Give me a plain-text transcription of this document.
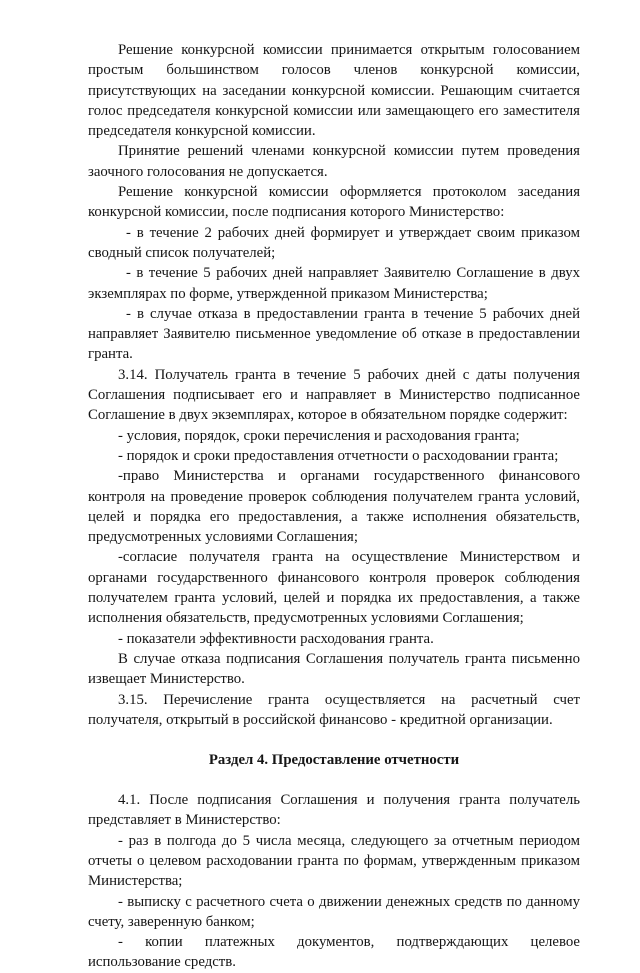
Решение конкурсной комиссии принимается открытым голосованием простым большинством голосов членов конкурсной комиссии, присутствующих на заседании конкурсной комиссии. Решающим считается голос председателя конкурсной комиссии или замещающего его заместителя председателя конкурсной комиссии.

Принятие решений членами конкурсной комиссии путем проведения заочного голосования не допускается.

Решение конкурсной комиссии оформляется протоколом заседания конкурсной комиссии, после подписания которого Министерство:

- в течение 2 рабочих дней формирует и утверждает своим приказом сводный список получателей;

- в течение 5 рабочих дней направляет Заявителю Соглашение в двух экземплярах по форме, утвержденной приказом Министерства;

- в случае отказа в предоставлении гранта в течение 5 рабочих дней направляет Заявителю письменное уведомление об отказе в предоставлении гранта.

3.14. Получатель гранта в течение 5 рабочих дней с даты получения Соглашения подписывает его и направляет в Министерство подписанное Соглашение в двух экземплярах, которое в обязательном порядке содержит:

- условия, порядок, сроки перечисления и расходования гранта;

- порядок и сроки предоставления отчетности о расходовании гранта;

-право Министерства и органами государственного финансового контроля на проведение проверок соблюдения получателем гранта условий, целей и порядка его предоставления, а также исполнения обязательств, предусмотренных условиями Соглашения;

-согласие получателя гранта на осуществление Министерством и органами государственного финансового контроля проверок соблюдения получателем гранта условий, целей и порядка их предоставления, а также исполнения обязательств, предусмотренных условиями Соглашения;

- показатели эффективности расходования гранта.

В случае отказа подписания Соглашения получатель гранта письменно извещает Министерство.

3.15. Перечисление гранта осуществляется на расчетный счет получателя, открытый в российской финансово - кредитной организации.

Раздел 4. Предоставление отчетности

4.1. После подписания Соглашения и получения гранта получатель представляет в Министерство:

- раз в полгода до 5 числа месяца, следующего за отчетным периодом отчеты о целевом расходовании гранта по формам, утвержденным приказом Министерства;

- выписку с расчетного счета о движении денежных средств по данному счету, заверенную банком;

- копии платежных документов, подтверждающих целевое использование средств.
